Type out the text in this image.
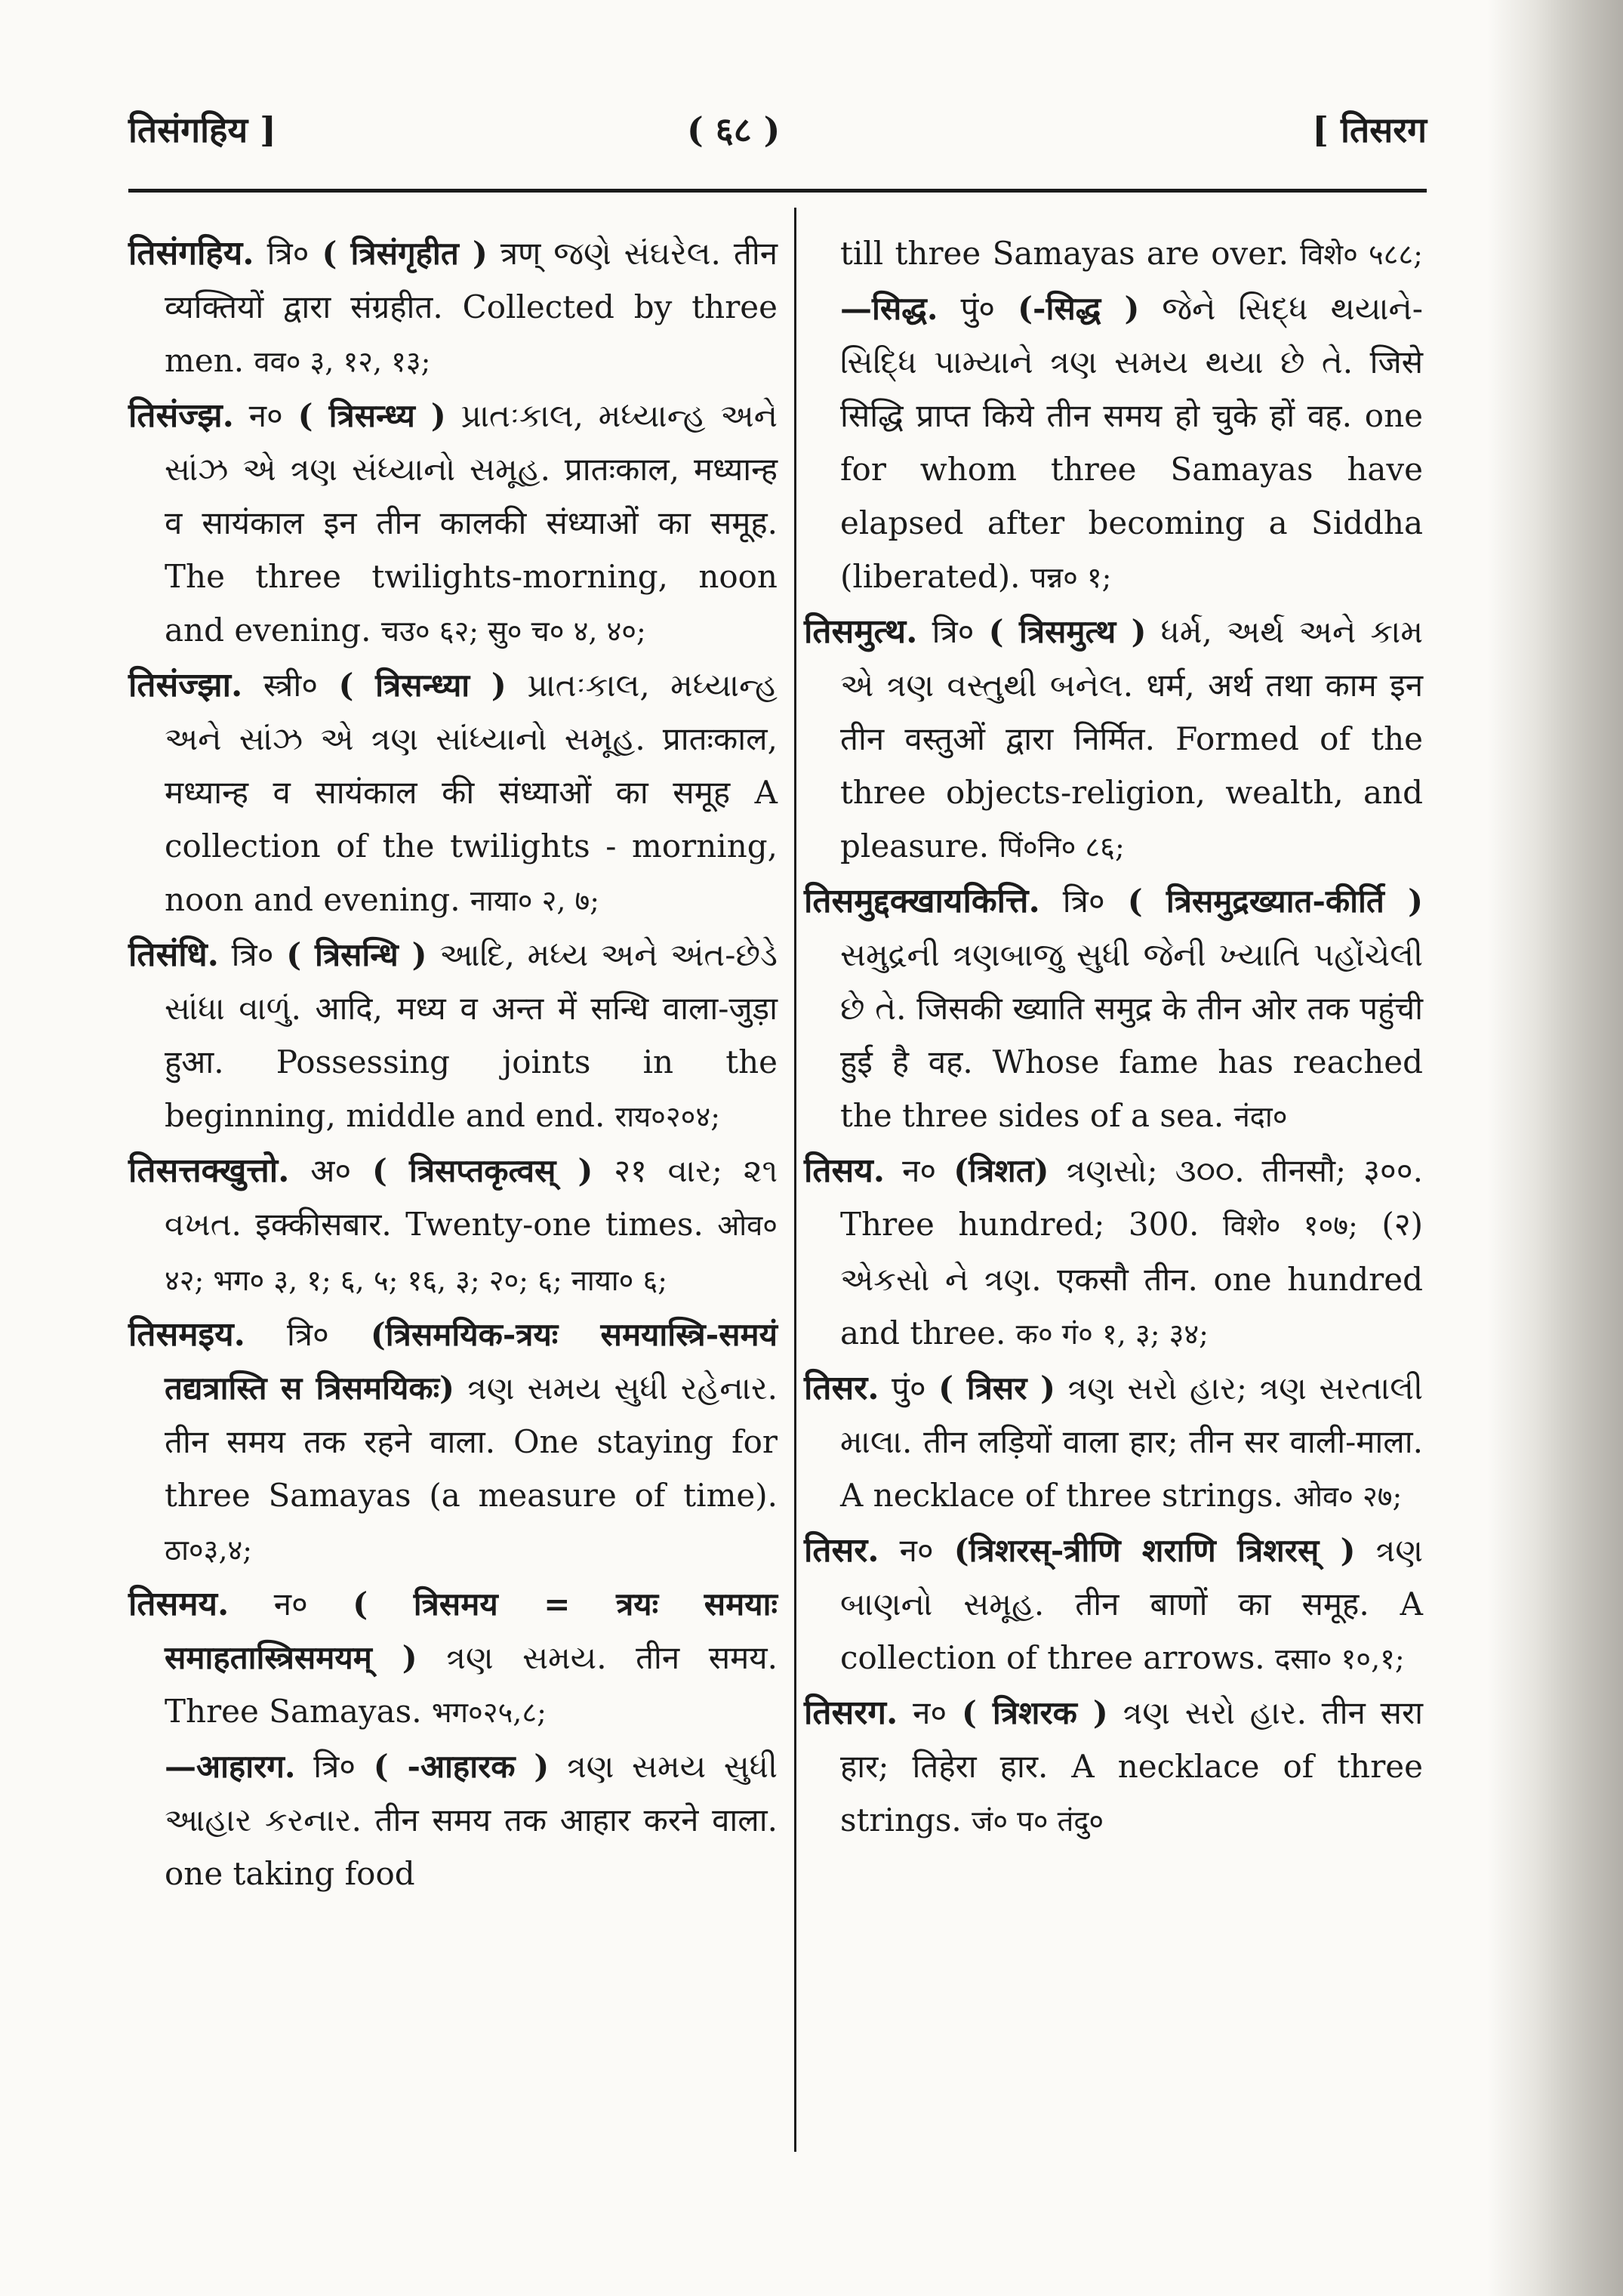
तिसंगहिय ]	( ६८ )	[ तिसरग

तिसंगहिय. त्रि० ( त्रिसंगृहीत ) त्रण् જણે સંઘરેલ. तीन व्यक्तियों द्वारा संग्रहीत. Collected by three men. वव० ३, १२, १३;

तिसंज्झ. न० ( त्रिसन्ध्य ) પ્રાતઃકાલ, મધ્યાન્હ અને સાંઝ એ ત્રણ સંધ્યાનો સમૂહ. प्रातःकाल, मध्यान्ह व सायंकाल इन तीन कालकी संध्याओं का समूह. The three twilights-morning, noon and evening. चउ० ६२; सु० च० ४, ४०;

तिसंज्झा. स्त्री० ( त्रिसन्ध्या ) પ્રાતઃકાલ, મધ્યાન્હ અને સાંઝ એ ત્રણ સાંધ્યાનો સમૂહ. प्रातःकाल, मध्यान्ह व सायंकाल की संध्याओं का समूह A collection of the twilights - morning, noon and evening. नाया० २, ७;

तिसंधि. त्रि० ( त्रिसन्धि ) આદિ, મધ્ય અને અંત-છેડે સાંધા વાળું. आदि, मध्य व अन्त में सन्धि वाला-जुड़ा हुआ. Possessing joints in the beginning, middle and end. राय०२०४;

तिसत्तक्खुत्तो. अ० ( त्रिसप्तकृत्वस् ) २१ વાર; ૨૧ વખત. इक्कीसबार. Twenty-one times. ओव० ४२; भग० ३, १; ६, ५; १६, ३; २०; ६; नाया० ६;

तिसमइय. त्रि० (त्रिसमयिक-त्रयः समयास्त्रि-समयं तद्यत्रास्ति स त्रिसमयिकः) ત્રણ સમય સુધી રહેનાર. तीन समय तक रहने वाला. One staying for three Samayas (a measure of time). ठा०३,४;

तिसमय. न० ( त्रिसमय = त्रयः समयाः समाहतास्त्रिसमयम् ) ત્રણ સમય. तीन समय. Three Samayas. भग०२५,८;
—आहारग. त्रि० ( -आहारक ) ત્રણ સમય સુધી આહાર કરનાર. तीन समय तक आहार करने वाला. one taking food

till three Samayas are over. विशे० ५८८; —सिद्ध. पुं० (-सिद्ध ) જેને સિદ્ધ થયાને-સિદ્ધિ પામ્યાને ત્રણ સમય થયા છે તે. जिसे सिद्धि प्राप्त किये तीन समय हो चुके हों वह. one for whom three Samayas have elapsed after becoming a Siddha (liberated). पन्न० १;

तिसमुत्थ. त्रि० ( त्रिसमुत्थ ) ધર્મ, અર્થ અને કામ એ ત્રણ વસ્તુથી બનેલ. धर्म, अर्थ तथा काम इन तीन वस्तुओं द्वारा निर्मित. Formed of the three objects-religion, wealth, and pleasure. पिं०नि० ८६;

तिसमुद्दक्खायकित्ति. त्रि० ( त्रिसमुद्रख्यात-कीर्ति ) સમુદ્રની ત્રણબાજુ સુધી જેની ખ્યાતિ પહોંચેલી છે તે. जिसकी ख्याति समुद्र के तीन ओर तक पहुंची हुई है वह. Whose fame has reached the three sides of a sea. नंदा०

तिसय. न० (त्रिशत) ત્રણસો; ૩૦૦. तीनसौ; ३००. Three hundred; 300. विशे० १०७; (२) એકસો ને ત્રણ. एकसौ तीन. one hundred and three. क० गं० १, ३; ३४;

तिसर. पुं० ( त्रिसर ) ત્રણ સરો હાર; ત્રણ સરતાલી માલા. तीन लड़ियों वाला हार; तीन सर वाली-माला. A necklace of three strings. ओव० २७;

तिसर. न० (त्रिशरस्-त्रीणि शराणि त्रिशरस् ) ત્રણ બાણનો સમૂહ. तीन बाणों का समूह. A collection of three arrows. दसा० १०,१;

तिसरग. न० ( त्रिशरक ) ત્રણ સરો હાર. तीन सरा हार; तिहेरा हार. A necklace of three strings. जं० प० तंदु०
